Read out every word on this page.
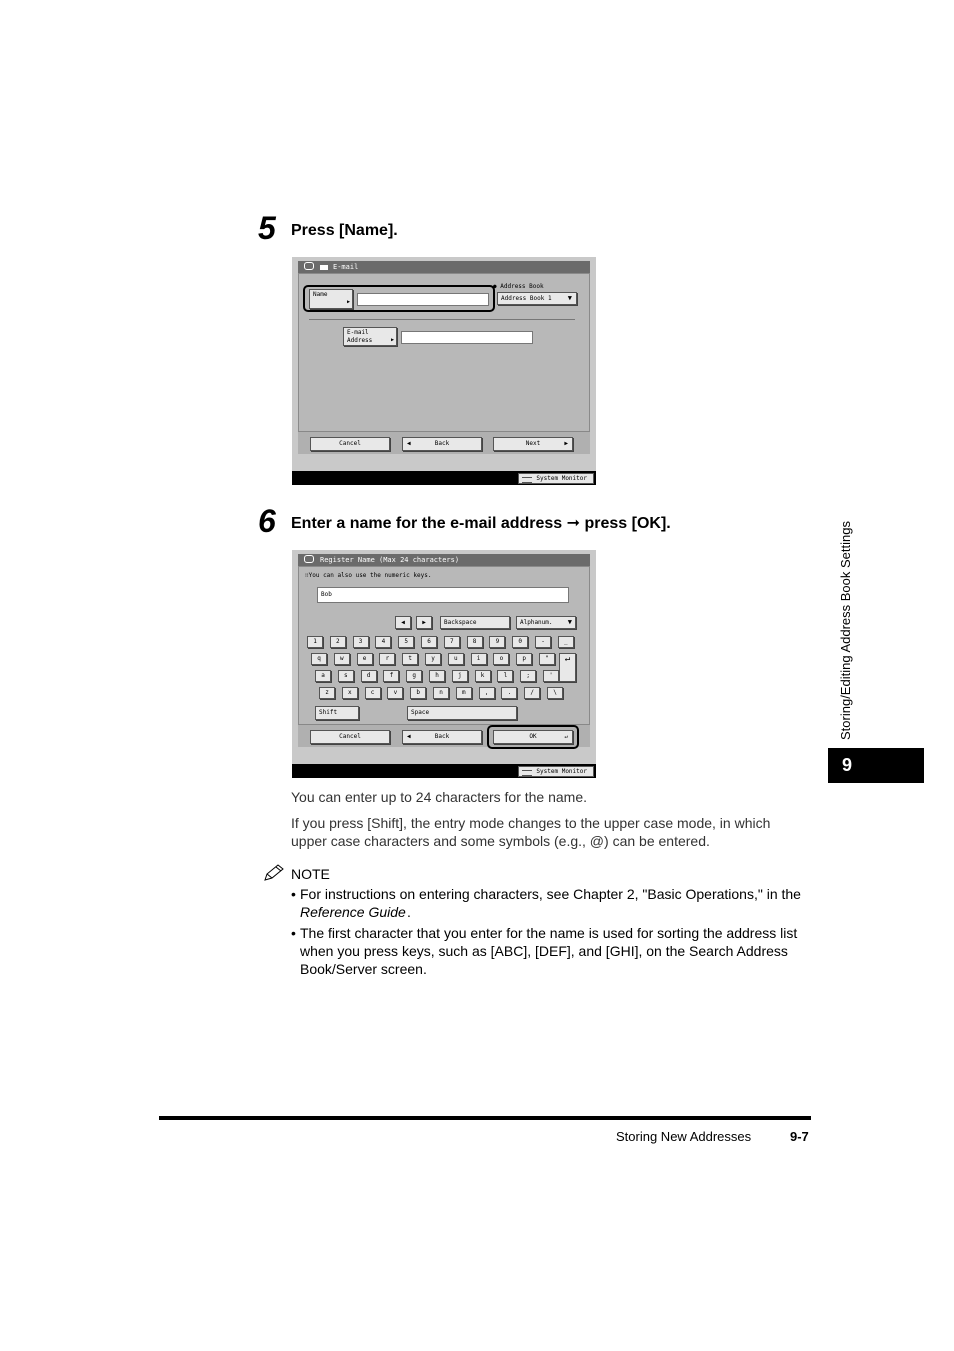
5 Press [Name].
E-mail
Name
▶
● Address Book
Address Book 1 ▼
E-mail
Address	▶
Cancel	◀	Back	Next	▶
System Monitor
6 Enter a name for the e-mail address ➞ press [OK].
Register Name (Max 24 characters)
∷You can also use the numeric keys.
Bob
◀	▶	Backspace	Alphanum. ▼
1	2	3	4	5	6	7	8	9	0	-	_
q	w	e	r	t	y	u	i	o	p	"
a	s	d	f	g	h	j	k	l	;	'
z	x	c	v	b	n	m	,	.	/	\
↵
Shift	Space
Cancel	◀	Back	OK	↵
System Monitor
You can enter up to 24 characters for the name.
If you press [Shift], the entry mode changes to the upper case mode, in which
upper case characters and some symbols (e.g., @) can be entered.
NOTE
• For instructions on entering characters, see Chapter 2, "Basic Operations," in the
Reference Guide .
• The first character that you enter for the name is used for sorting the address list
when you press keys, such as [ABC], [DEF], and [GHI], on the Search Address
Book/Server screen.
Storing/Editing Address Book Settings
9
Storing New Addresses	9-7
